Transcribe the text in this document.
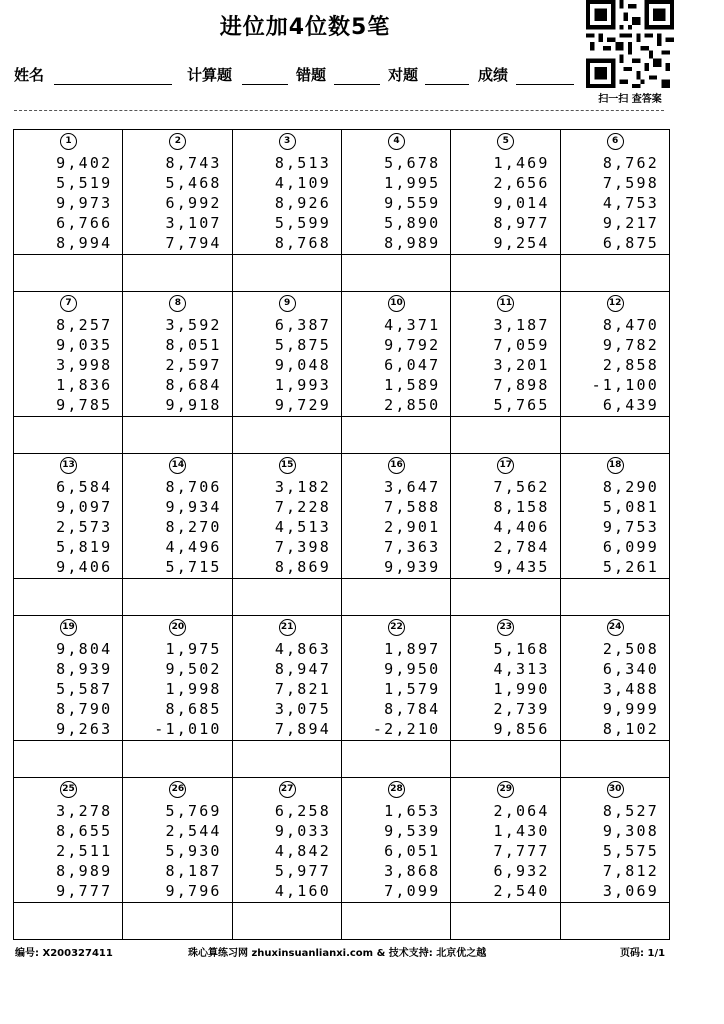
进位加4位数5笔
扫一扫 查答案
姓名	计算题	错题	对题	成绩
1
9,402
5,519
9,973
6,766
8,994
2
8,743
5,468
6,992
3,107
7,794
3
8,513
4,109
8,926
5,599
8,768
4
5,678
1,995
9,559
5,890
8,989
5
1,469
2,656
9,014
8,977
9,254
6
8,762
7,598
4,753
9,217
6,875
7
8,257
9,035
3,998
1,836
9,785
8
3,592
8,051
2,597
8,684
9,918
9
6,387
5,875
9,048
1,993
9,729
10
4,371
9,792
6,047
1,589
2,850
11
3,187
7,059
3,201
7,898
5,765
12
8,470
9,782
2,858
-1,100
6,439
13
6,584
9,097
2,573
5,819
9,406
14
8,706
9,934
8,270
4,496
5,715
15
3,182
7,228
4,513
7,398
8,869
16
3,647
7,588
2,901
7,363
9,939
17
7,562
8,158
4,406
2,784
9,435
18
8,290
5,081
9,753
6,099
5,261
19
9,804
8,939
5,587
8,790
9,263
20
1,975
9,502
1,998
8,685
-1,010
21
4,863
8,947
7,821
3,075
7,894
22
1,897
9,950
1,579
8,784
-2,210
23
5,168
4,313
1,990
2,739
9,856
24
2,508
6,340
3,488
9,999
8,102
25
3,278
8,655
2,511
8,989
9,777
26
5,769
2,544
5,930
8,187
9,796
27
6,258
9,033
4,842
5,977
4,160
28
1,653
9,539
6,051
3,868
7,099
29
2,064
1,430
7,777
6,932
2,540
30
8,527
9,308
5,575
7,812
3,069
编号: X200327411	珠心算练习网 zhuxinsuanlianxi.com & 技术支持: 北京优之越	页码: 1/1
